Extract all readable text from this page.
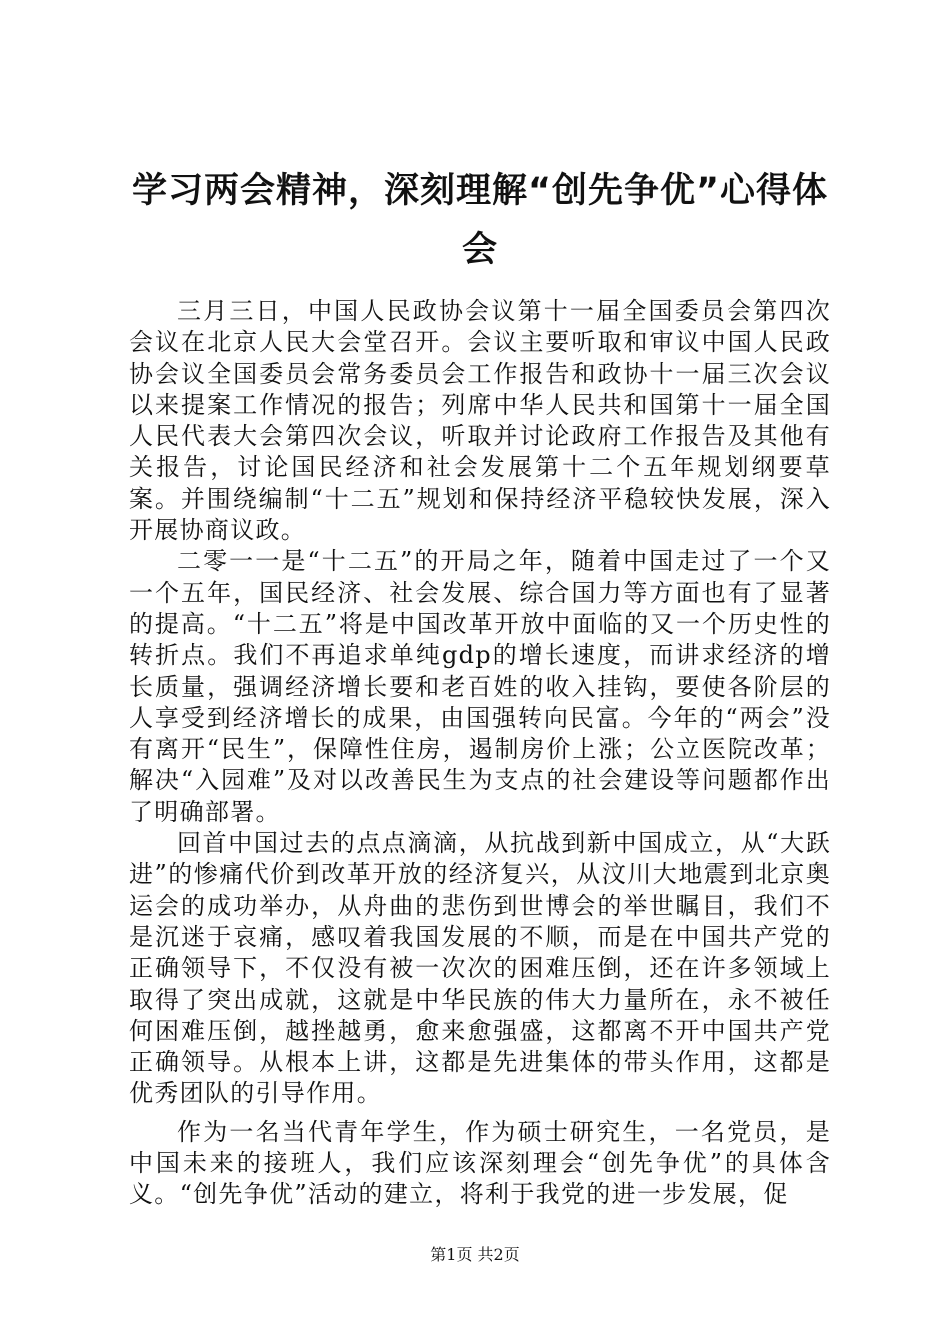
学习两会精神，深刻理解“创先争优”心得体会

三月三日，中国人民政协会议第十一届全国委员会第四次会议在北京人民大会堂召开。会议主要听取和审议中国人民政协会议全国委员会常务委员会工作报告和政协十一届三次会议以来提案工作情况的报告；列席中华人民共和国第十一届全国人民代表大会第四次会议，听取并讨论政府工作报告及其他有关报告，讨论国民经济和社会发展第十二个五年规划纲要草案。并围绕编制“十二五”规划和保持经济平稳较快发展，深入开展协商议政。

二零一一是“十二五”的开局之年，随着中国走过了一个又一个五年，国民经济、社会发展、综合国力等方面也有了显著的提高。“十二五”将是中国改革开放中面临的又一个历史性的转折点。我们不再追求单纯gdp的增长速度，而讲求经济的增长质量，强调经济增长要和老百姓的收入挂钩，要使各阶层的人享受到经济增长的成果，由国强转向民富。今年的“两会”没有离开“民生”，保障性住房，遏制房价上涨；公立医院改革；解决“入园难”及对以改善民生为支点的社会建设等问题都作出了明确部署。

回首中国过去的点点滴滴，从抗战到新中国成立，从“大跃进”的惨痛代价到改革开放的经济复兴，从汶川大地震到北京奥运会的成功举办，从舟曲的悲伤到世博会的举世瞩目，我们不是沉迷于哀痛，感叹着我国发展的不顺，而是在中国共产党的正确领导下，不仅没有被一次次的困难压倒，还在许多领域上取得了突出成就，这就是中华民族的伟大力量所在，永不被任何困难压倒，越挫越勇，愈来愈强盛，这都离不开中国共产党正确领导。从根本上讲，这都是先进集体的带头作用，这都是优秀团队的引导作用。

作为一名当代青年学生，作为硕士研究生，一名党员，是中国未来的接班人，我们应该深刻理会“创先争优”的具体含义。“创先争优”活动的建立，将利于我党的进一步发展，促

第1页 共2页
